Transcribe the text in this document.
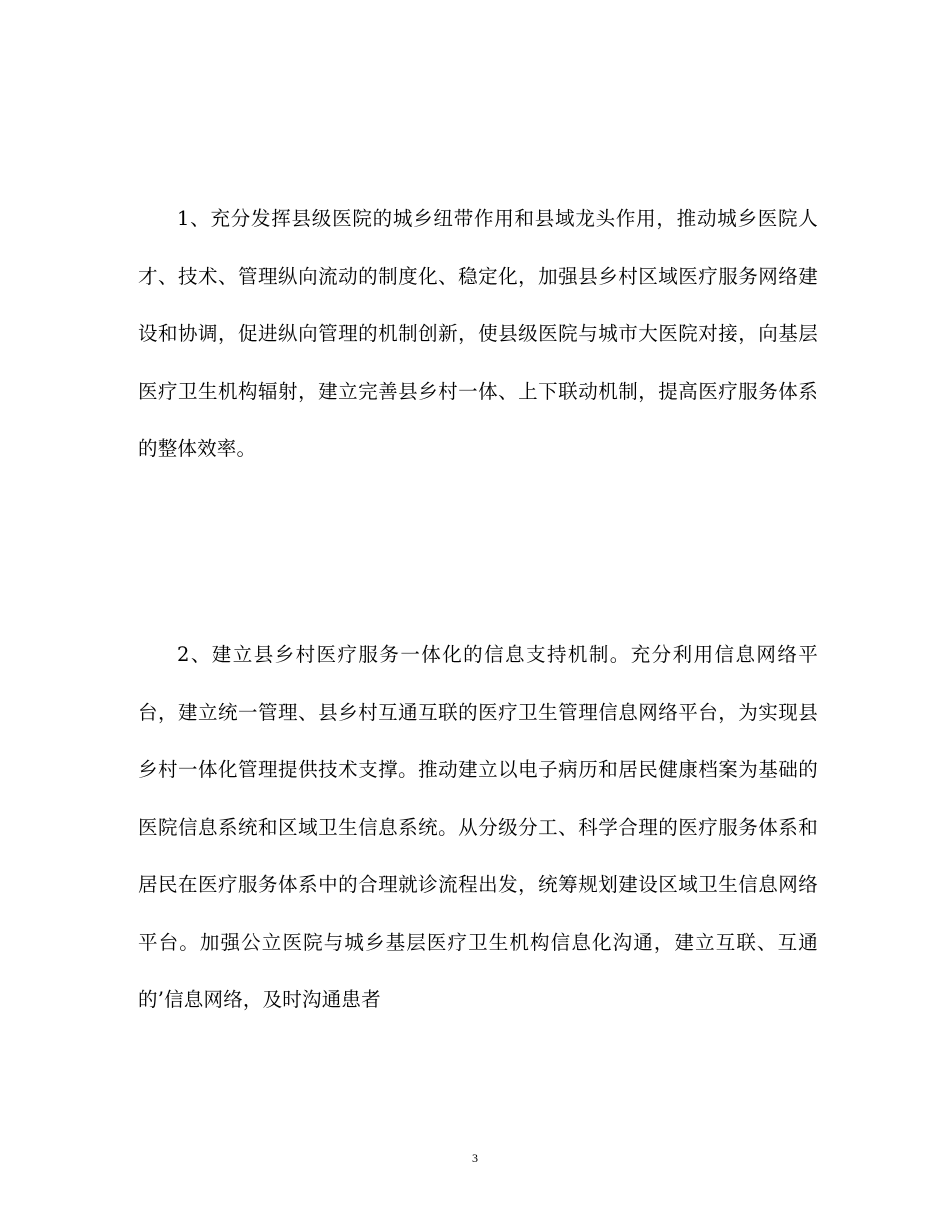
1、充分发挥县级医院的城乡纽带作用和县域龙头作用，推动城乡医院人才、技术、管理纵向流动的制度化、稳定化，加强县乡村区域医疗服务网络建设和协调，促进纵向管理的机制创新，使县级医院与城市大医院对接，向基层医疗卫生机构辐射，建立完善县乡村一体、上下联动机制，提高医疗服务体系的整体效率。

2、建立县乡村医疗服务一体化的信息支持机制。充分利用信息网络平台，建立统一管理、县乡村互通互联的医疗卫生管理信息网络平台，为实现县乡村一体化管理提供技术支撑。推动建立以电子病历和居民健康档案为基础的医院信息系统和区域卫生信息系统。从分级分工、科学合理的医疗服务体系和居民在医疗服务体系中的合理就诊流程出发，统筹规划建设区域卫生信息网络平台。加强公立医院与城乡基层医疗卫生机构信息化沟通，建立互联、互通的’信息网络，及时沟通患者

3
